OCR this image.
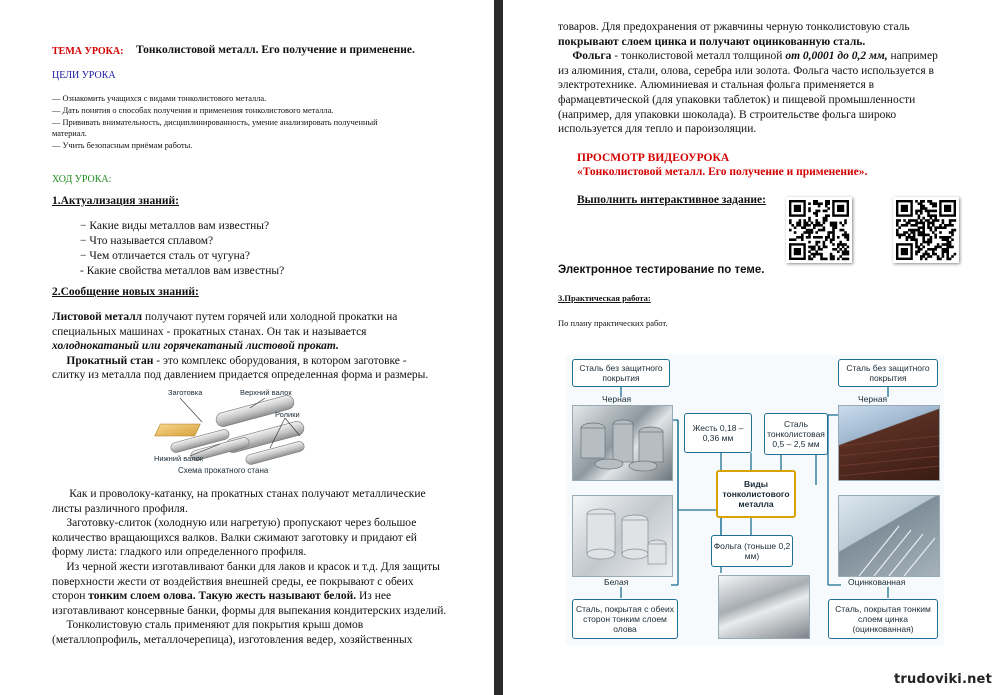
ТЕМА УРОКА: Тонколистовой металл. Его получение и применение.
ЦЕЛИ УРОКА
— Ознакомить учащихся с видами тонколистового металла.
— Дать понятия о способах получения и применения тонколистового металла.
— Прививать внимательность, дисциплинированность, умение анализировать полученный
материал.
— Учить безопасным приёмам работы.
ХОД УРОКА:
1.Актуализация знаний:
− Какие виды металлов вам известны?
− Что называется сплавом?
− Чем отличается сталь от чугуна?
- Какие свойства металлов вам известны?
2.Сообщение новых знаний:
Листовой металл получают путем горячей или холодной прокатки на
специальных машинах - прокатных станах. Он так и называется
холоднокатаный или горячекатаный листовой прокат.
Прокатный стан - это комплекс оборудования, в котором заготовке -
слитку из металла под давлением придается определенная форма и размеры.
Заготовка	Верхний валок
Ролики
Нижний валок
Схема прокатного стана
Как и проволоку-катанку, на прокатных станах получают металлические
листы различного профиля.
Заготовку-слиток (холодную или нагретую) пропускают через большое
количество вращающихся валков. Валки сжимают заготовку и придают ей
форму листа: гладкого или определенного профиля.
Из черной жести изготавливают банки для лаков и красок и т.д. Для защиты
поверхности жести от воздействия внешней среды, ее покрывают с обеих
сторон тонким слоем олова. Такую жесть называют белой. Из нее
изготавливают консервные банки, формы для выпекания кондитерских изделий.
Тонколистовую сталь применяют для покрытия крыш домов
(металлопрофиль, металлочерепица), изготовления ведер, хозяйственных
товаров. Для предохранения от ржавчины черную тонколистовую сталь
покрывают слоем цинка и получают оцинкованную сталь.
Фольга - тонколистовой металл толщиной от 0,0001 до 0,2 мм, например
из алюминия, стали, олова, серебра или золота. Фольга часто используется в
электротехнике. Алюминиевая и стальная фольга применяется в
фармацевтической (для упаковки таблеток) и пищевой промышленности
(например, для упаковки шоколада). В строительстве фольга широко
используется для тепло и пароизоляции.
ПРОСМОТР ВИДЕОУРОКА
«Тонколистовой металл. Его получение и применение».
Выполнить интерактивное задание:
Электронное тестирование по теме.
3.Практическая работа:
По плану практических работ.
Сталь без защитного покрытия
Сталь без защитного покрытия
Черная	Черная
Жесть 0,18 – 0,36 мм
Сталь тонколистовая 0,5 – 2,5 мм
Виды тонколистового металла
Фольга (тоньше 0,2 мм)
Белая	Оцинкованная
Сталь, покрытая с обеих сторон тонким слоем олова
Сталь, покрытая тонким слоем цинка (оцинкованная)
trudoviki.net
